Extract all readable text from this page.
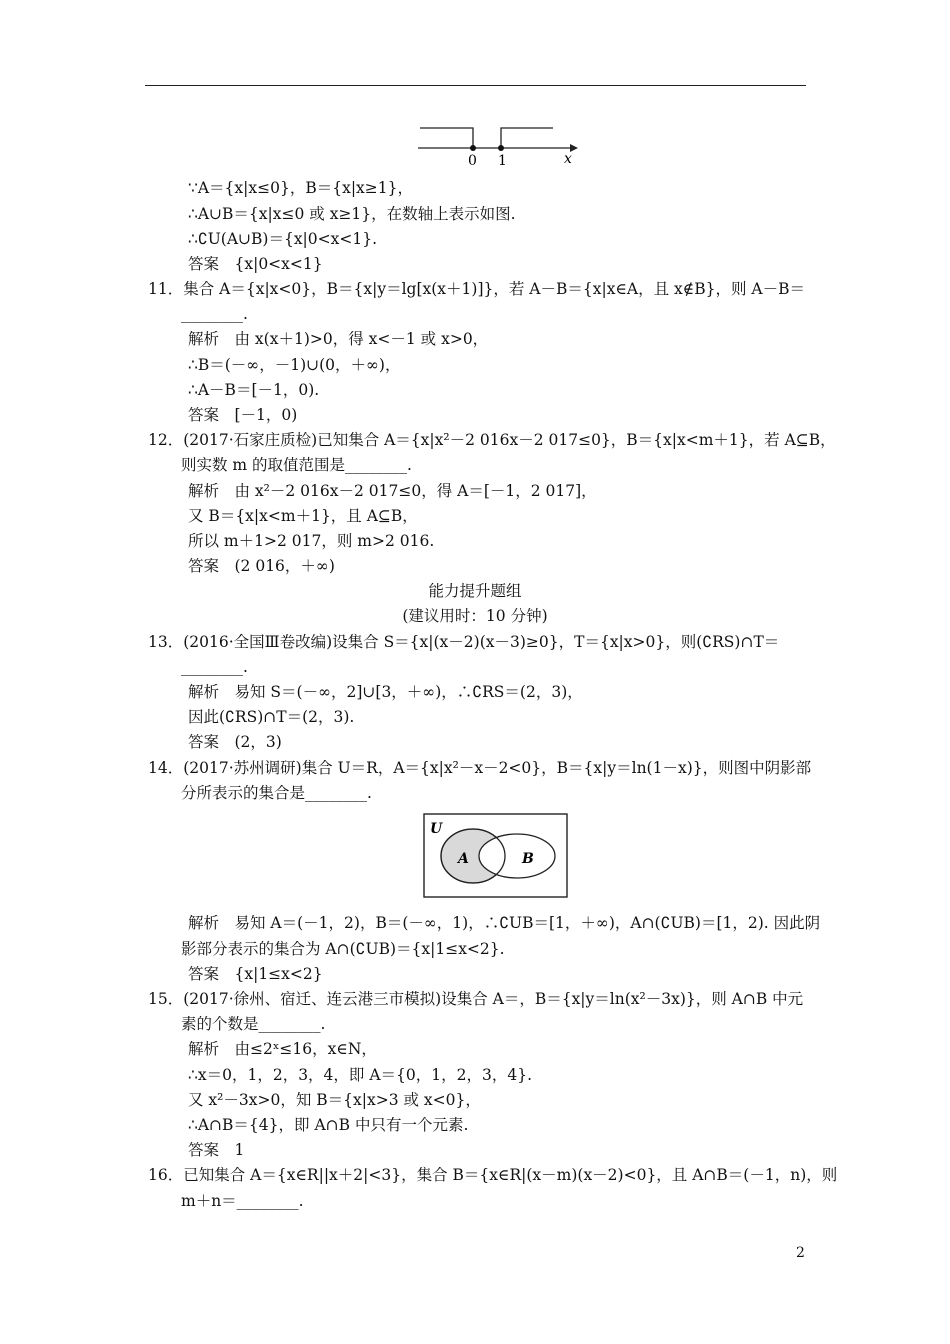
0 1	x
∵A＝{x|x≤0}，B＝{x|x≥1}，
∴A∪B＝{x|x≤0 或 x≥1}，在数轴上表示如图.
∴∁U(A∪B)＝{x|0<x<1}.
答案　{x|0<x<1}
11．集合 A＝{x|x<0}，B＝{x|y＝lg[x(x＋1)]}，若 A－B＝{x|x∈A，且 x∉B}，则 A－B＝
________.
解析　由 x(x＋1)>0，得 x<－1 或 x>0，
∴B＝(－∞，－1)∪(0，＋∞)，
∴A－B＝[－1，0).
答案　[－1，0)
12．(2017·石家庄质检)已知集合 A＝{x|x²－2 016x－2 017≤0}，B＝{x|x<m＋1}，若 A⊆B，
则实数 m 的取值范围是________.
解析　由 x²－2 016x－2 017≤0，得 A＝[－1，2 017]，
又 B＝{x|x<m＋1}，且 A⊆B，
所以 m＋1>2 017，则 m>2 016.
答案　(2 016，＋∞)
能力提升题组
(建议用时：10 分钟)
13．(2016·全国Ⅲ卷改编)设集合 S＝{x|(x－2)(x－3)≥0}，T＝{x|x>0}，则(∁RS)∩T＝
________.
解析　易知 S＝(－∞，2]∪[3，＋∞)，∴∁RS＝(2，3)，
因此(∁RS)∩T＝(2，3).
答案　(2，3)
14．(2017·苏州调研)集合 U＝R，A＝{x|x²－x－2<0}，B＝{x|y＝ln(1－x)}，则图中阴影部
分所表示的集合是________.
U
A	B
解析　易知 A＝(－1，2)，B＝(－∞，1)，∴∁UB＝[1，＋∞)，A∩(∁UB)＝[1，2). 因此阴
影部分表示的集合为 A∩(∁UB)＝{x|1≤x<2}.
答案　{x|1≤x<2}
15．(2017·徐州、宿迁、连云港三市模拟)设集合 A＝，B＝{x|y＝ln(x²－3x)}，则 A∩B 中元
素的个数是________.
解析　由≤2ˣ≤16，x∈N，
∴x＝0，1，2，3，4，即 A＝{0，1，2，3，4}.
又 x²－3x>0，知 B＝{x|x>3 或 x<0}，
∴A∩B＝{4}，即 A∩B 中只有一个元素.
答案　1
16．已知集合 A＝{x∈R||x＋2|<3}，集合 B＝{x∈R|(x－m)(x－2)<0}，且 A∩B＝(－1，n)，则
m＋n＝________.
2
